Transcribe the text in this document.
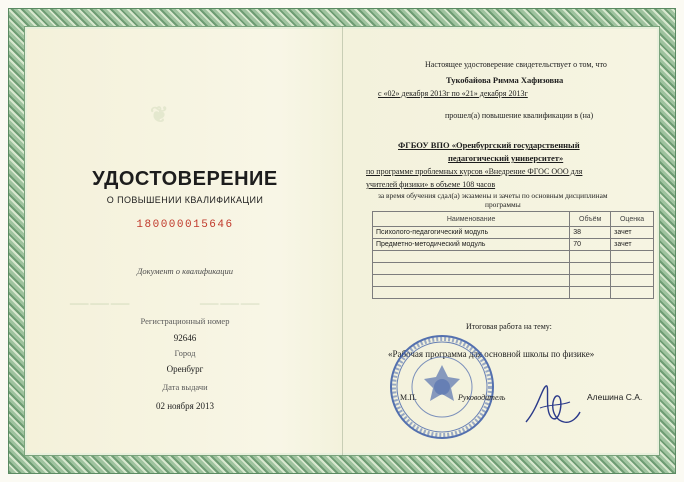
❦
───	───
УДОСТОВЕРЕНИЕ
О ПОВЫШЕНИИ КВАЛИФИКАЦИИ
180000015646
Документ о квалификации
Регистрационный номер
92646
Город
Оренбург
Дата выдачи
02 ноября 2013
Настоящее удостоверение свидетельствует о том, что
Тукобайова Римма Хафизовна
с «02» декабря 2013г по «21» декабря 2013г
прошел(а) повышение квалификации в (на)
ФГБОУ ВПО «Оренбургский государственный
педагогический университет»
по программе проблемных курсов «Внедрение ФГОС ООО для
учителей физики» в объеме 108 часов
за время обучения сдал(а) экзамены и зачеты по основным дисциплинам
программы
Наименование	Объём	Оценка
Психолого-педагогический модуль	38	зачет
Предметно-методический модуль	70	зачет

Итоговая работа на тему:
«Рабочая программа для основной школы по физике»
М.П.	Руководитель	Алешина С.А.
